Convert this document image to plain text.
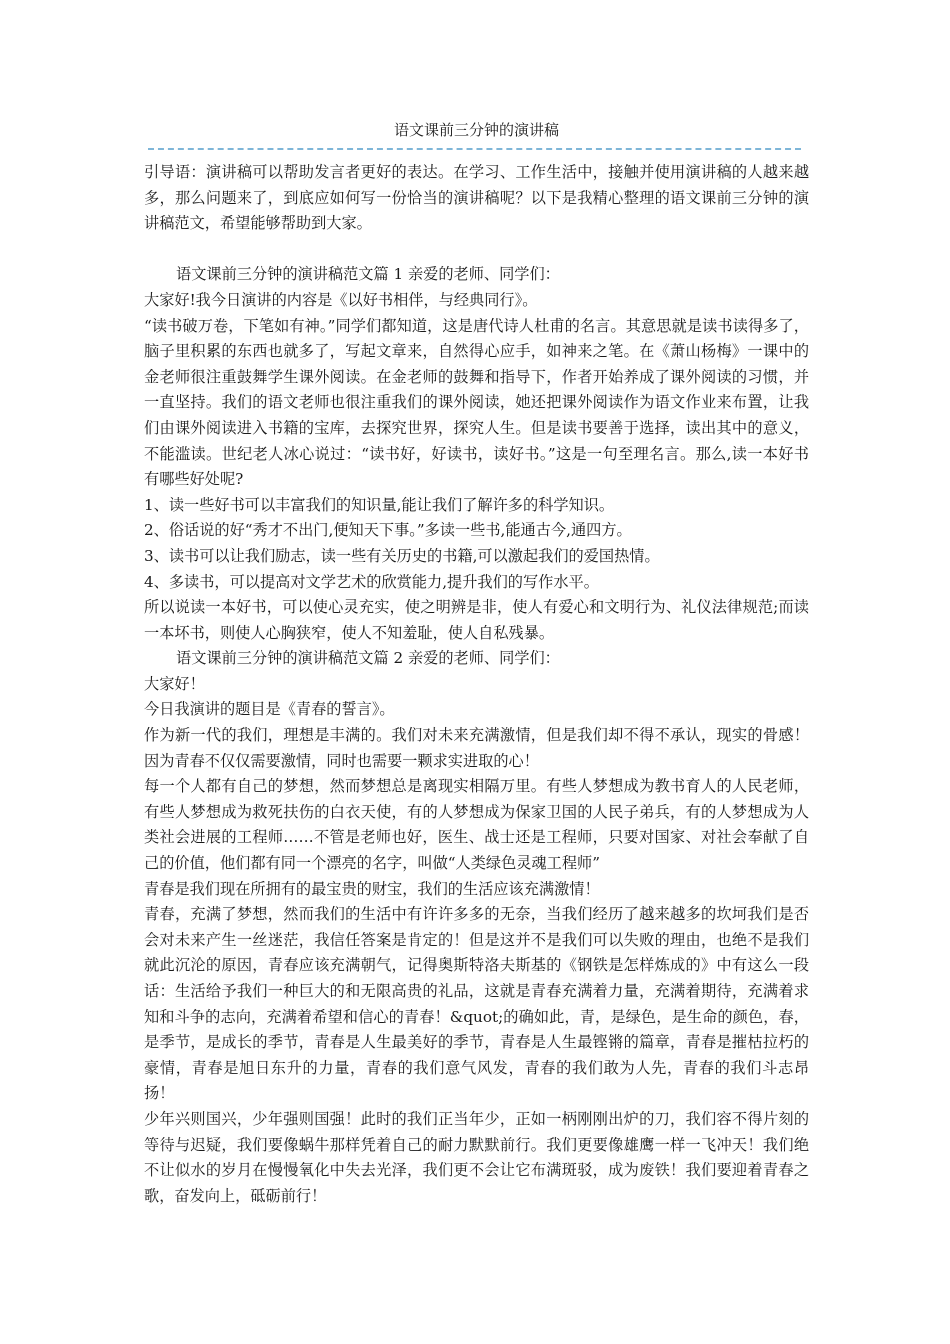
语文课前三分钟的演讲稿

引导语：演讲稿可以帮助发言者更好的表达。在学习、工作生活中，接触并使用演讲稿的人越来越多，那么问题来了，到底应如何写一份恰当的演讲稿呢？以下是我精心整理的语文课前三分钟的演讲稿范文，希望能够帮助到大家。

语文课前三分钟的演讲稿范文篇 1 亲爱的老师、同学们：

大家好!我今日演讲的内容是《以好书相伴，与经典同行》。

“读书破万卷，下笔如有神。”同学们都知道，这是唐代诗人杜甫的名言。其意思就是读书读得多了，脑子里积累的东西也就多了，写起文章来，自然得心应手，如神来之笔。在《萧山杨梅》一课中的金老师很注重鼓舞学生课外阅读。在金老师的鼓舞和指导下，作者开始养成了课外阅读的习惯，并一直坚持。我们的语文老师也很注重我们的课外阅读，她还把课外阅读作为语文作业来布置，让我们由课外阅读进入书籍的宝库，去探究世界，探究人生。但是读书要善于选择，读出其中的意义，不能滥读。世纪老人冰心说过：“读书好，好读书，读好书。”这是一句至理名言。那么,读一本好书有哪些好处呢?

1、读一些好书可以丰富我们的知识量,能让我们了解许多的科学知识。

2、俗话说的好“秀才不出门,便知天下事。”多读一些书,能通古今,通四方。

3、读书可以让我们励志，读一些有关历史的书籍,可以激起我们的爱国热情。

4、多读书，可以提高对文学艺术的欣赏能力,提升我们的写作水平。

所以说读一本好书，可以使心灵充实，使之明辨是非，使人有爱心和文明行为、礼仪法律规范;而读一本坏书，则使人心胸狭窄，使人不知羞耻，使人自私残暴。

语文课前三分钟的演讲稿范文篇 2 亲爱的老师、同学们：

大家好！

今日我演讲的题目是《青春的誓言》。

作为新一代的我们，理想是丰满的。我们对未来充满激情，但是我们却不得不承认，现实的骨感！因为青春不仅仅需要激情，同时也需要一颗求实进取的心！

每一个人都有自己的梦想，然而梦想总是离现实相隔万里。有些人梦想成为教书育人的人民老师，有些人梦想成为救死扶伤的白衣天使，有的人梦想成为保家卫国的人民子弟兵，有的人梦想成为人类社会进展的工程师……不管是老师也好，医生、战士还是工程师，只要对国家、对社会奉献了自己的价值，他们都有同一个漂亮的名字，叫做“人类绿色灵魂工程师”

青春是我们现在所拥有的最宝贵的财宝，我们的生活应该充满激情！

青春，充满了梦想，然而我们的生活中有许许多多的无奈，当我们经历了越来越多的坎坷我们是否会对未来产生一丝迷茫，我信任答案是肯定的！但是这并不是我们可以失败的理由，也绝不是我们就此沉沦的原因，青春应该充满朝气，记得奥斯特洛夫斯基的《钢铁是怎样炼成的》中有这么一段话：生活给予我们一种巨大的和无限高贵的礼品，这就是青春充满着力量，充满着期待，充满着求知和斗争的志向，充满着希望和信心的青春！&quot;的确如此，青，是绿色，是生命的颜色，春，是季节，是成长的季节，青春是人生最美好的季节，青春是人生最铿锵的篇章，青春是摧枯拉朽的豪情，青春是旭日东升的力量，青春的我们意气风发，青春的我们敢为人先，青春的我们斗志昂扬！

少年兴则国兴，少年强则国强！此时的我们正当年少，正如一柄刚刚出炉的刀，我们容不得片刻的等待与迟疑，我们要像蜗牛那样凭着自己的耐力默默前行。我们更要像雄鹰一样一飞冲天！我们绝不让似水的岁月在慢慢氧化中失去光泽，我们更不会让它布满斑驳，成为废铁！我们要迎着青春之歌，奋发向上，砥砺前行！
